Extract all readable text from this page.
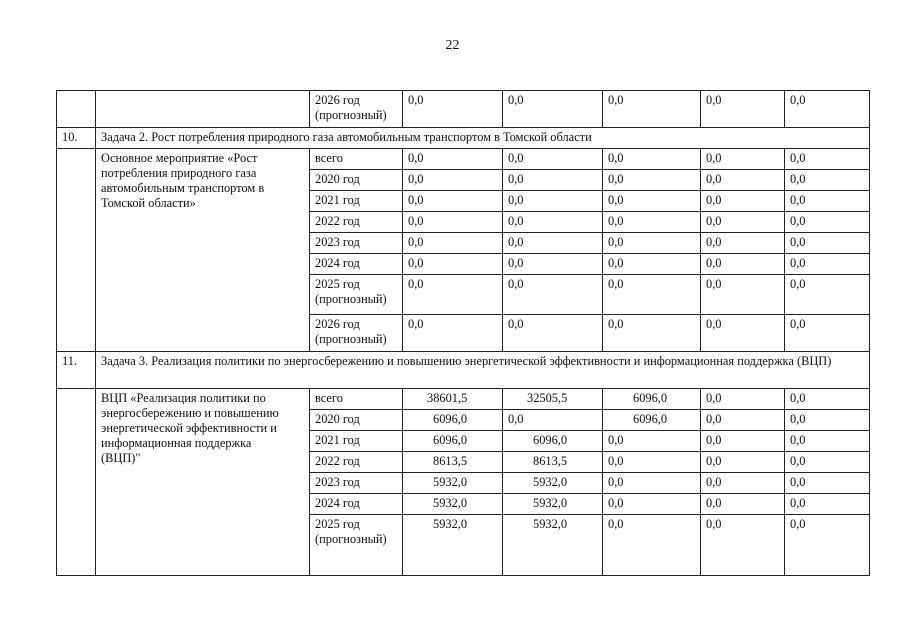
22
		2026 год (прогнозный)	0,0	0,0	0,0	0,0	0,0
10.	Задача 2. Рост потребления природного газа автомобильным транспортом в Томской области						
	Основное мероприятие «Рост потребления природного газа автомобильным транспортом в Томской области»	всего	0,0	0,0	0,0	0,0	0,0
		2020 год	0,0	0,0	0,0	0,0	0,0
		2021 год	0,0	0,0	0,0	0,0	0,0
		2022 год	0,0	0,0	0,0	0,0	0,0
		2023 год	0,0	0,0	0,0	0,0	0,0
		2024 год	0,0	0,0	0,0	0,0	0,0
		2025 год (прогнозный)	0,0	0,0	0,0	0,0	0,0
		2026 год (прогнозный)	0,0	0,0	0,0	0,0	0,0
11.	Задача 3. Реализация политики по энергосбережению и повышению энергетической эффективности и информационная поддержка (ВЦП)						
	ВЦП «Реализация политики по энергосбережению и повышению энергетической эффективности и информационная поддержка (ВЦП)"	всего	38601,5	32505,5	6096,0	0,0	0,0
		2020 год	6096,0	0,0	6096,0	0,0	0,0
		2021 год	6096,0	6096,0	0,0	0,0	0,0
		2022 год	8613,5	8613,5	0,0	0,0	0,0
		2023 год	5932,0	5932,0	0,0	0,0	0,0
		2024 год	5932,0	5932,0	0,0	0,0	0,0
		2025 год (прогнозный)	5932,0	5932,0	0,0	0,0	0,0
